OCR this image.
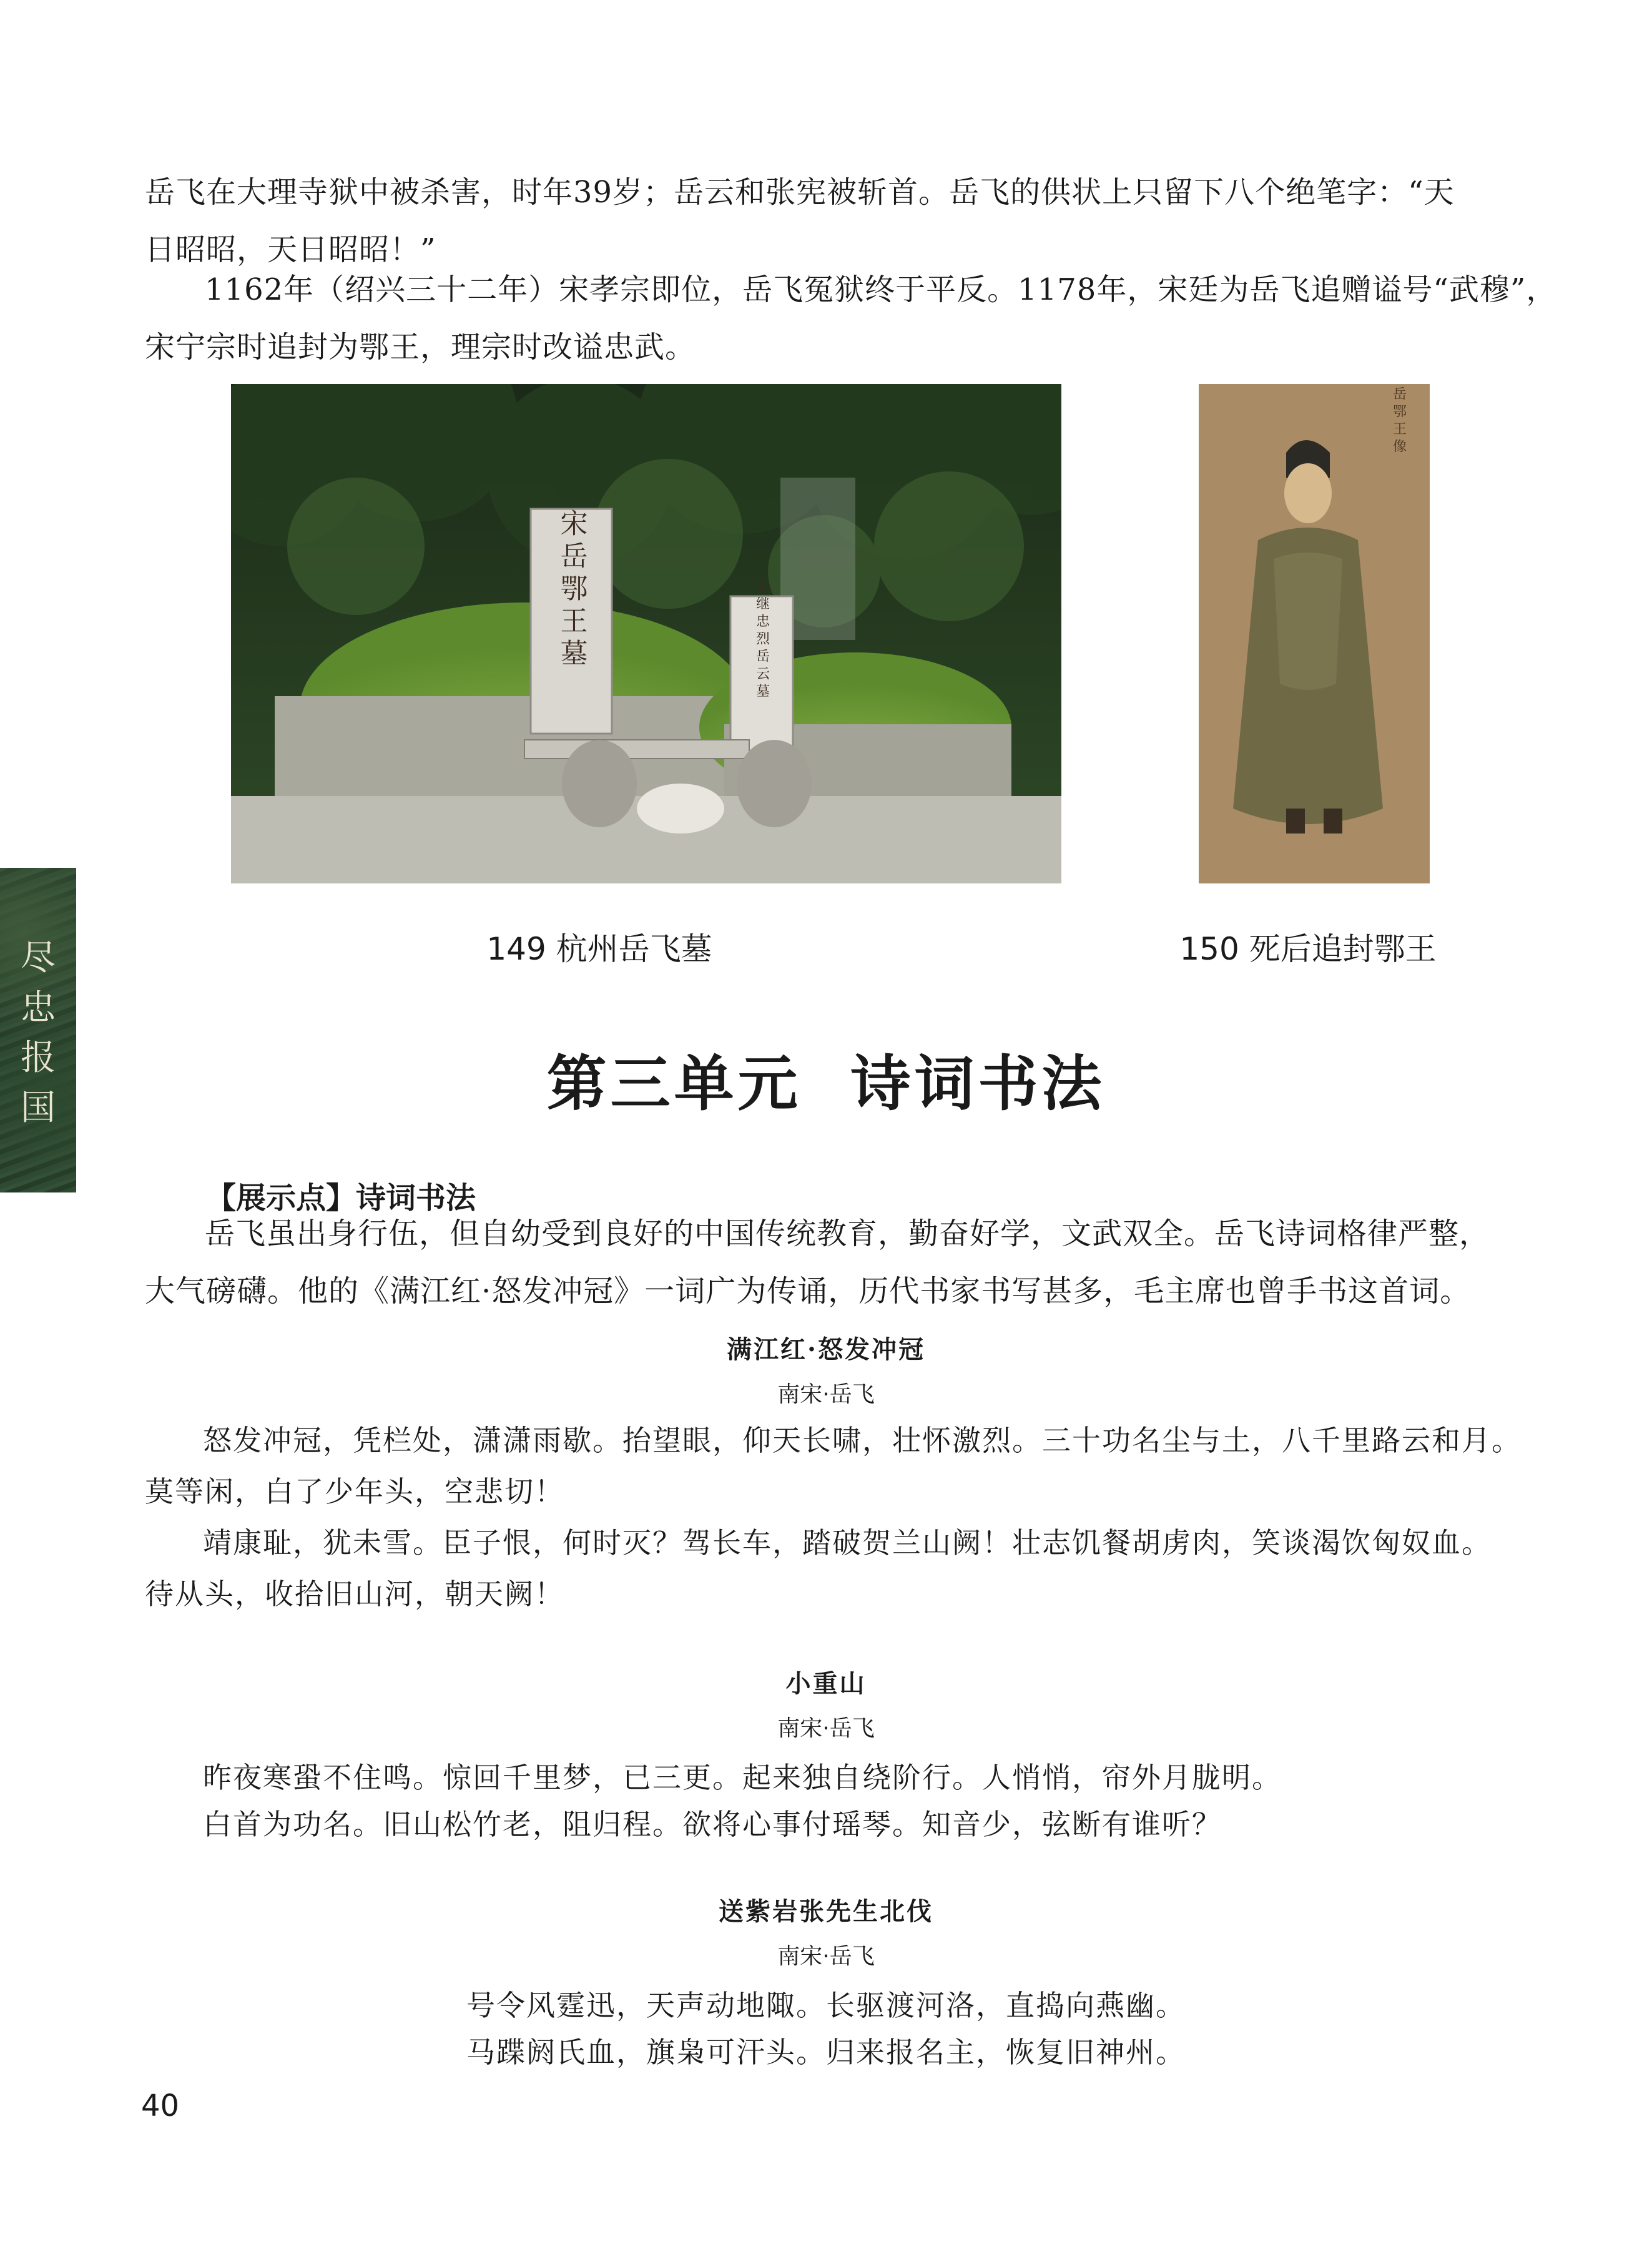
岳飞在大理寺狱中被杀害，时年39岁；岳云和张宪被斩首。岳飞的供状上只留下八个绝笔字：“天
日昭昭，天日昭昭！”
1162年（绍兴三十二年）宋孝宗即位，岳飞冤狱终于平反。1178年，宋廷为岳飞追赠谥号“武穆”，
宋宁宗时追封为鄂王，理宗时改谥忠武。
宋岳鄂王墓	宋继忠烈岳云墓
149 杭州岳飞墓
岳鄂王像
150 死后追封鄂王
尽
忠
报
国	第三单元  诗词书法
【展示点】诗词书法
岳飞虽出身行伍，但自幼受到良好的中国传统教育，勤奋好学，文武双全。岳飞诗词格律严整，
大气磅礴。他的《满江红·怒发冲冠》一词广为传诵，历代书家书写甚多，毛主席也曾手书这首词。
满江红·怒发冲冠
南宋·岳飞
怒发冲冠，凭栏处，潇潇雨歇。抬望眼，仰天长啸，壮怀激烈。三十功名尘与土，八千里路云和月。
莫等闲，白了少年头，空悲切！
靖康耻，犹未雪。臣子恨，何时灭？驾长车，踏破贺兰山阙！壮志饥餐胡虏肉，笑谈渴饮匈奴血。
待从头，收拾旧山河，朝天阙！
小重山
南宋·岳飞
昨夜寒蛩不住鸣。惊回千里梦，已三更。起来独自绕阶行。人悄悄，帘外月胧明。
白首为功名。旧山松竹老，阻归程。欲将心事付瑶琴。知音少，弦断有谁听？
送紫岩张先生北伐
南宋·岳飞
号令风霆迅，天声动地陬。长驱渡河洛，直捣向燕幽。
马蹀阏氏血，旗枭可汗头。归来报名主，恢复旧神州。
40
